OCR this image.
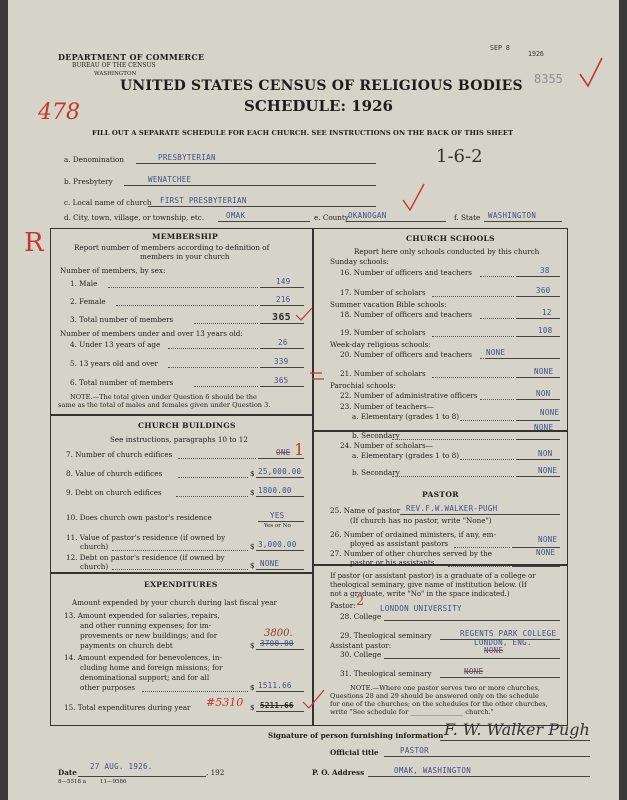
DEPARTMENT OF COMMERCE
BUREAU OF THE CENSUS
WASHINGTON
UNITED STATES CENSUS OF RELIGIOUS BODIES
SCHEDULE: 1926
SEP 8
1926
8355
478
FILL OUT A SEPARATE SCHEDULE FOR EACH CHURCH. SEE INSTRUCTIONS ON THE BACK OF THIS SHEET
R
a. Denomination	PRESBYTERIAN	1-6-2
b. Presbytery	WENATCHEE
c. Local name of church FIRST PRESBYTERIAN
d. City, town, village, or township, etc.	OMAK	e. County OKANOGAN	f. State WASHINGTON
MEMBERSHIP
Report number of members according to definition of
members in your church
Number of members, by sex:
1. Male	149
2. Female	216
3. Total number of members	365
Number of members under and over 13 years old:
4. Under 13 years of age	26
5. 13 years old and over	339
6. Total number of members	365
NOTE.—The total given under Question 6 should be the
same as the total of males and females given under Question 3.
CHURCH BUILDINGS
See instructions, paragraphs 10 to 12
7. Number of church edifices	ONE 1
8. Value of church edifices	$ 25,000.00
9. Debt on church edifices	$ 1800.00
10. Does church own pastor's residence	YES
Yes or No
11. Value of pastor's residence (if owned by
church)	$ 3,000.00
12. Debt on pastor's residence (if owned by
church)	$ NONE
EXPENDITURES
Amount expended by your church during last fiscal year
13. Amount expended for salaries, repairs,
and other running expenses; for im-
provements or new buildings; and for
payments on church debt
3800.
$ 3700.00
14. Amount expended for benevolences, in-
cluding home and foreign missions; for
denominational support; and for all
other purposes	$ 1511.66
15. Total expenditures during year #5310 $ 5211.66
CHURCH SCHOOLS
Report here only schools conducted by this church
Sunday schools:
16. Number of officers and teachers	38
17. Number of scholars	360
Summer vacation Bible schools:
18. Number of officers and teachers	12
19. Number of scholars	108
Week-day religious schools:
20. Number of officers and teachers NONE
21. Number of scholars	NONE
Parochial schools:
22. Number of administrative officers	NON
23. Number of teachers—
a. Elementary (grades 1 to 8)	NONE
b. Secondary
NONE
24. Number of scholars—
a. Elementary (grades 1 to 8)	NON
b. Secondary	NONE
PASTOR
25. Name of pastor REV.F.W.WALKER-PUGH
(If church has no pastor, write "None")
26. Number of ordained ministers, if any, em-
ployed as assistant pastors	NONE
27. Number of other churches served by the
pastor or his assistants
NONE
If pastor (or assistant pastor) is a graduate of a college or
theological seminary, give name of institution below. (If
not a graduate, write "No" in the space indicated.)
Pastor: 2
28. College
LONDON UNIVERSITY
29. Theological seminary	REGENTS PARK COLLEGE
LONDON, ENG.
Assistant pastor:
30. College	NONE
31. Theological seminary	NONE
NOTE.—Where one pastor serves two or more churches,
Questions 28 and 29 should be answered only on the schedule
for one of the churches; on the schedules for the other churches,
write "See schedule for ________________ church."
Signature of person furnishing information F. W. Walker Pugh
Official title	PASTOR
Date
27 AUG. 1926.
, 192	P. O. Address	OMAK, WASHINGTON
8—5518 a	11—9586
